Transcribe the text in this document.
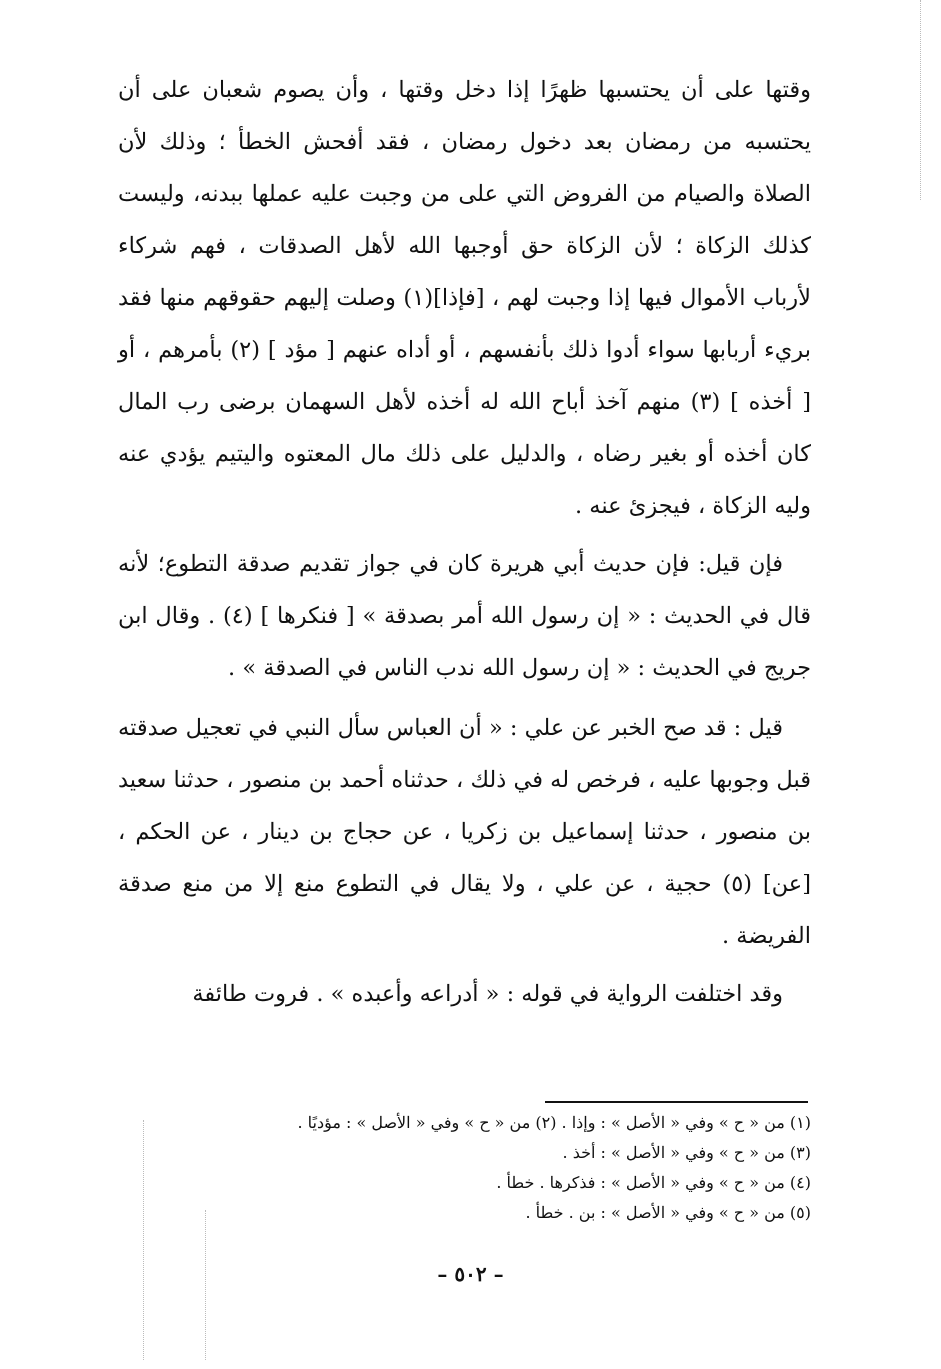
وقتها على أن يحتسبها ظهرًا إذا دخل وقتها ، وأن يصوم شعبان على أن يحتسبه من رمضان بعد دخول رمضان ، فقد أفحش الخطأ ؛ وذلك لأن الصلاة والصيام من الفروض التي على من وجبت عليه عملها ببدنه، وليست كذلك الزكاة ؛ لأن الزكاة حق أوجبها الله لأهل الصدقات ، فهم شركاء لأرباب الأموال فيها إذا وجبت لهم ، [فإذا](١) وصلت إليهم حقوقهم منها فقد بريء أربابها سواء أدوا ذلك بأنفسهم ، أو أداه عنهم [ مؤد ] (٢) بأمرهم ، أو [ أخذه ] (٣) منهم آخذ أباح الله له أخذه لأهل السهمان برضى رب المال كان أخذه أو بغير رضاه ، والدليل على ذلك مال المعتوه واليتيم يؤدي عنه وليه الزكاة ، فيجزئ عنه .

فإن قيل: فإن حديث أبي هريرة كان في جواز تقديم صدقة التطوع؛ لأنه قال في الحديث : « إن رسول الله أمر بصدقة » [ فنكرها ] (٤) . وقال ابن جريج في الحديث : « إن رسول الله ندب الناس في الصدقة » .

قيل : قد صح الخبر عن علي : « أن العباس سأل النبي في تعجيل صدقته قبل وجوبها عليه ، فرخص له في ذلك ، حدثناه أحمد بن منصور ، حدثنا سعيد بن منصور ، حدثنا إسماعيل بن زكريا ، عن حجاج بن دينار ، عن الحكم ، [عن] (٥) حجية ، عن علي ، ولا يقال في التطوع منع إلا من منع صدقة الفريضة .

وقد اختلفت الرواية في قوله : « أدراعه وأعبده » . فروت طائفة

(١) من « ح » وفي « الأصل » : وإذا . (٢) من « ح » وفي « الأصل » : مؤديًا .

(٣) من « ح » وفي « الأصل » : أخذ .

(٤) من « ح » وفي « الأصل » : فذكرها . خطأ .

(٥) من « ح » وفي « الأصل » : بن . خطأ .

– ٥٠٢ –
